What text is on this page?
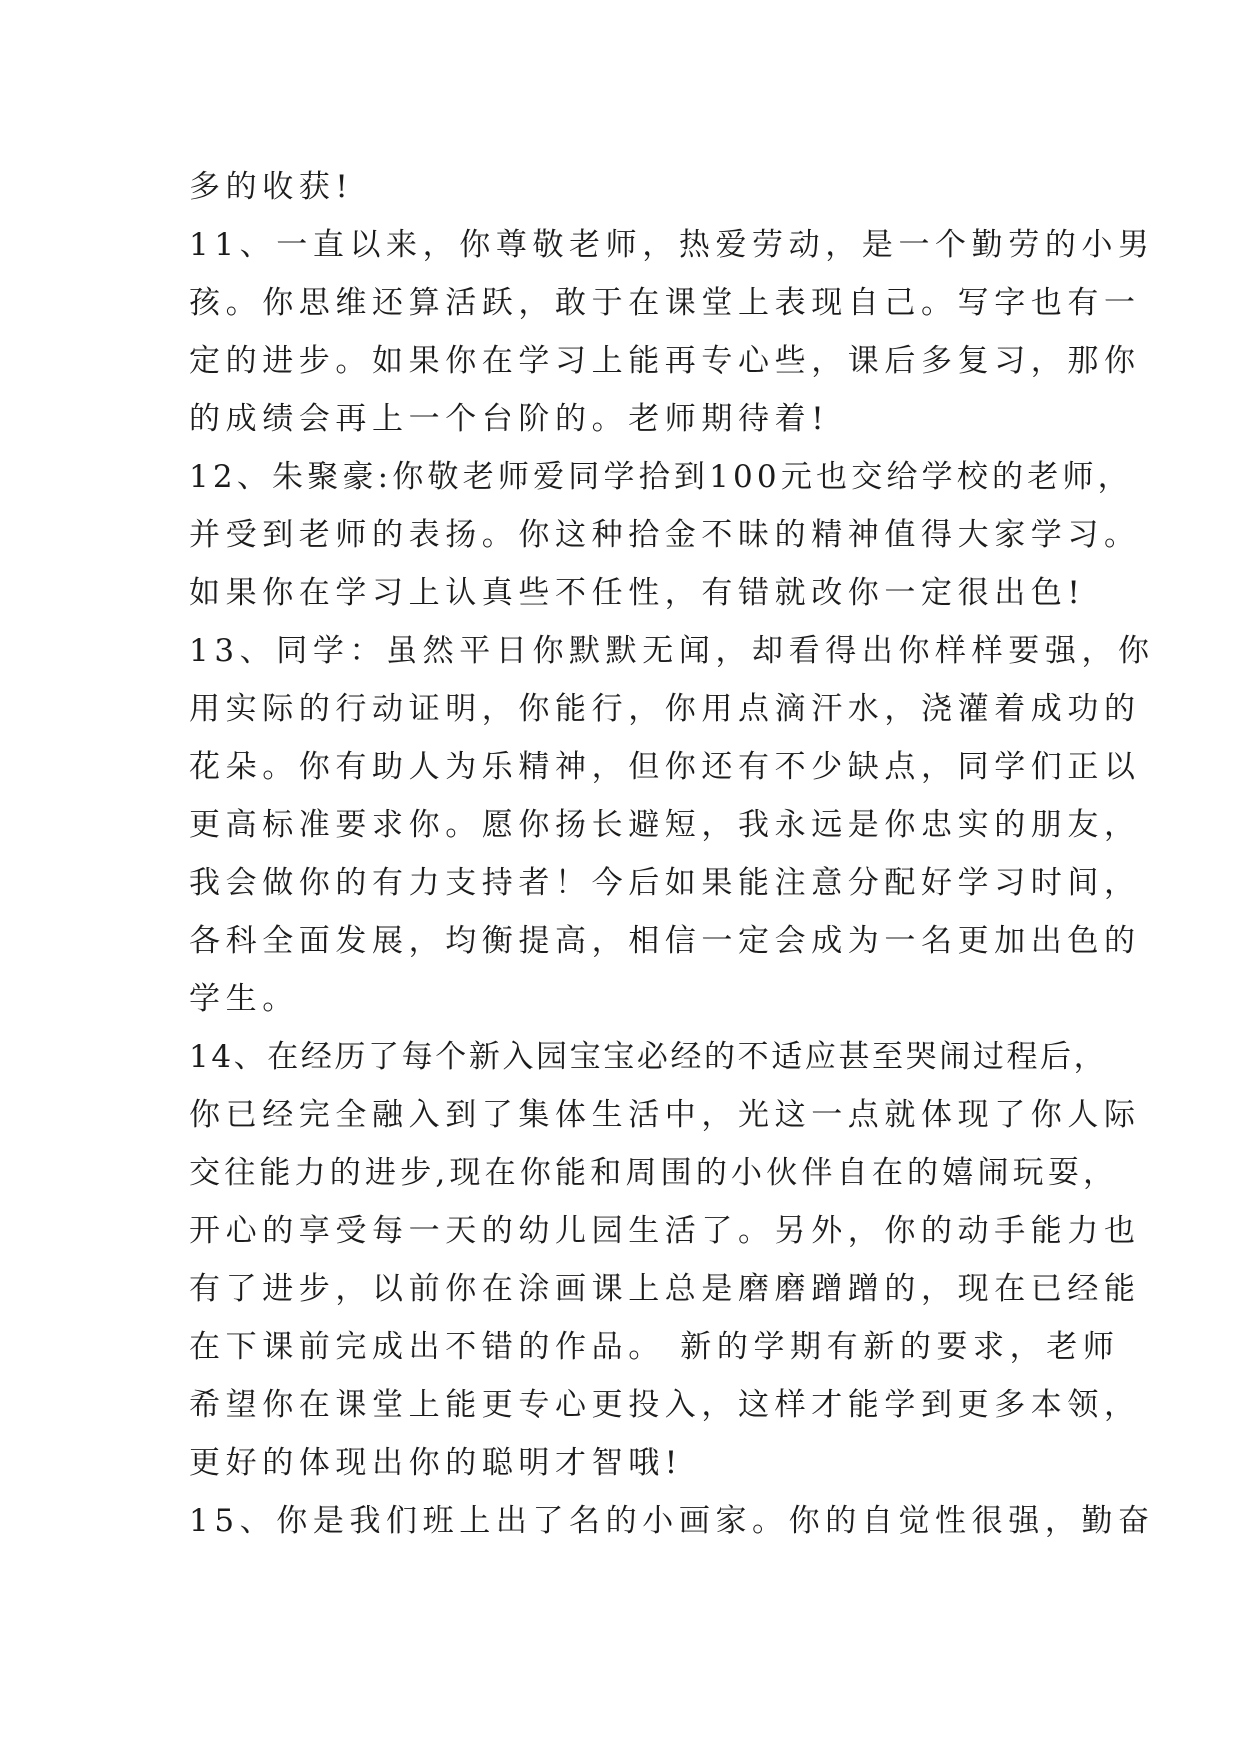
多的收获!
11、一直以来，你尊敬老师，热爱劳动，是一个勤劳的小男
孩。你思维还算活跃，敢于在课堂上表现自己。写字也有一
定的进步。如果你在学习上能再专心些，课后多复习，那你
的成绩会再上一个台阶的。老师期待着!
12、朱聚豪:你敬老师爱同学拾到100元也交给学校的老师，
并受到老师的表扬。你这种拾金不昧的精神值得大家学习。
如果你在学习上认真些不任性，有错就改你一定很出色!
13、同学：虽然平日你默默无闻，却看得出你样样要强，你
用实际的行动证明，你能行，你用点滴汗水，浇灌着成功的
花朵。你有助人为乐精神，但你还有不少缺点，同学们正以
更高标准要求你。愿你扬长避短，我永远是你忠实的朋友，
我会做你的有力支持者！今后如果能注意分配好学习时间，
各科全面发展，均衡提高，相信一定会成为一名更加出色的
学生。
14、在经历了每个新入园宝宝必经的不适应甚至哭闹过程后，
你已经完全融入到了集体生活中，光这一点就体现了你人际
交往能力的进步,现在你能和周围的小伙伴自在的嬉闹玩耍，
开心的享受每一天的幼儿园生活了。另外，你的动手能力也
有了进步，以前你在涂画课上总是磨磨蹭蹭的，现在已经能
在下课前完成出不错的作品。 新的学期有新的要求，老师
希望你在课堂上能更专心更投入，这样才能学到更多本领，
更好的体现出你的聪明才智哦!
15、你是我们班上出了名的小画家。你的自觉性很强，勤奋
